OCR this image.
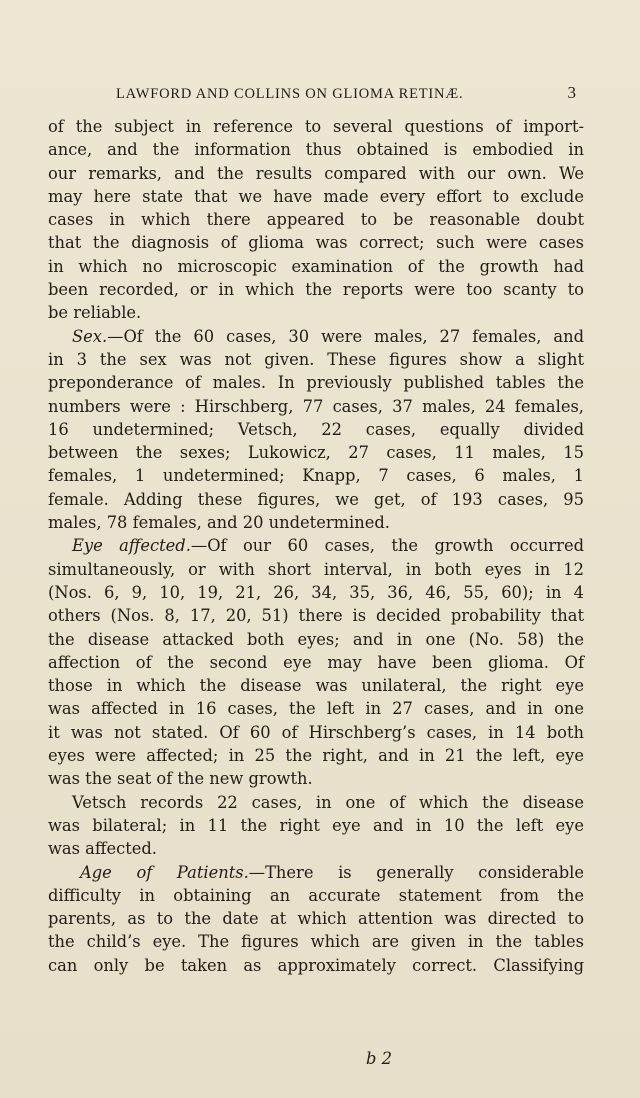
LAWFORD AND COLLINS ON GLIOMA RETINÆ.	3
of the subject in reference to several questions of import-
ance, and the information thus obtained is embodied in
our remarks, and the results compared with our own. We
may here state that we have made every effort to exclude
cases in which there appeared to be reasonable doubt
that the diagnosis of glioma was correct; such were cases
in which no microscopic examination of the growth had
been recorded, or in which the reports were too scanty to
be reliable.
Sex.—Of the 60 cases, 30 were males, 27 females, and
in 3 the sex was not given. These figures show a slight
preponderance of males. In previously published tables the
numbers were : Hirschberg, 77 cases, 37 males, 24 females,
16 undetermined; Vetsch, 22 cases, equally divided
between the sexes; Lukowicz, 27 cases, 11 males, 15
females, 1 undetermined; Knapp, 7 cases, 6 males, 1
female. Adding these figures, we get, of 193 cases, 95
males, 78 females, and 20 undetermined.
Eye affected.—Of our 60 cases, the growth occurred
simultaneously, or with short interval, in both eyes in 12
(Nos. 6, 9, 10, 19, 21, 26, 34, 35, 36, 46, 55, 60); in 4
others (Nos. 8, 17, 20, 51) there is decided probability that
the disease attacked both eyes; and in one (No. 58) the
affection of the second eye may have been glioma. Of
those in which the disease was unilateral, the right eye
was affected in 16 cases, the left in 27 cases, and in one
it was not stated. Of 60 of Hirschberg’s cases, in 14 both
eyes were affected; in 25 the right, and in 21 the left, eye
was the seat of the new growth.
Vetsch records 22 cases, in one of which the disease
was bilateral; in 11 the right eye and in 10 the left eye
was affected.
Age of Patients.—There is generally considerable
difficulty in obtaining an accurate statement from the
parents, as to the date at which attention was directed to
the child’s eye. The figures which are given in the tables
can only be taken as approximately correct. Classifying
b 2
